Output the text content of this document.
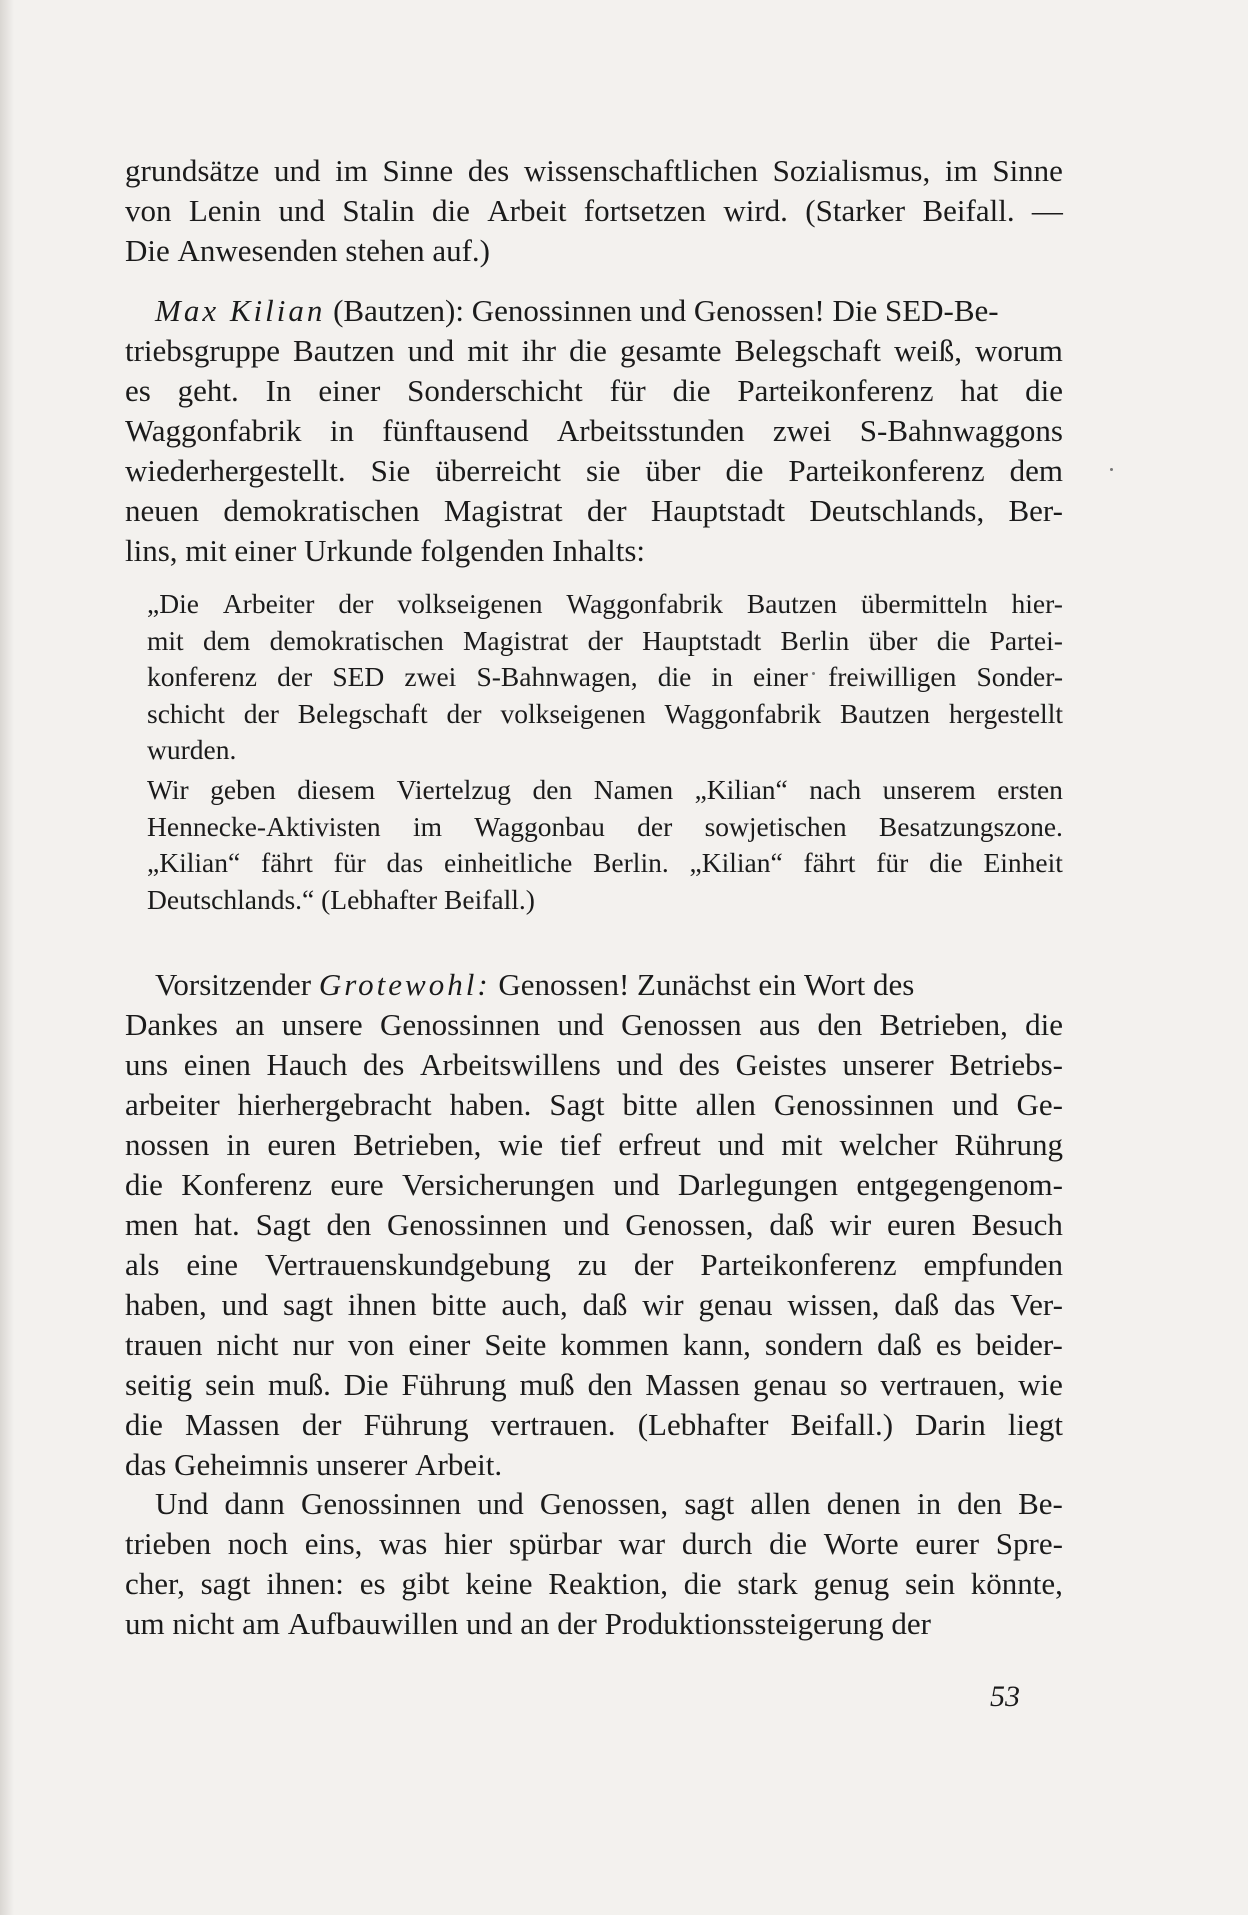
grundsätze und im Sinne des wissenschaftlichen Sozialismus, im Sinne
von Lenin und Stalin die Arbeit fortsetzen wird. (Starker Beifall. —
Die
Anwesenden
stehen
auf.)
Max Kilian
(Bautzen):
Genossinnen
und
Genossen!
Die
SED-Be-
triebsgruppe Bautzen und mit ihr die gesamte Belegschaft weiß, worum
es geht. In einer Sonderschicht für die Parteikonferenz hat die
Waggonfabrik in fünftausend Arbeitsstunden zwei S-Bahnwaggons
wiederhergestellt. Sie überreicht sie über die Parteikonferenz dem
neuen demokratischen Magistrat der Hauptstadt Deutschlands, Ber-
lins,
mit
einer
Urkunde
folgenden
Inhalts:
„Die Arbeiter der volkseigenen Waggonfabrik Bautzen übermitteln hier-
mit dem demokratischen Magistrat der Hauptstadt Berlin über die Partei-
konferenz der SED zwei S-Bahnwagen, die in einer freiwilligen Sonder-
schicht der Belegschaft der volkseigenen Waggonfabrik Bautzen hergestellt
wurden.
Wir geben diesem Viertelzug den Namen „Kilian“ nach unserem ersten
Hennecke-Aktivisten im Waggonbau der sowjetischen Besatzungszone.
„Kilian“ fährt für das einheitliche Berlin. „Kilian“ fährt für die Einheit
Deutschlands.“
(Lebhafter
Beifall.)
Vorsitzender
Grotewohl:
Genossen!
Zunächst
ein
Wort
des
Dankes an unsere Genossinnen und Genossen aus den Betrieben, die
uns einen Hauch des Arbeitswillens und des Geistes unserer Betriebs-
arbeiter hierhergebracht haben. Sagt bitte allen Genossinnen und Ge-
nossen in euren Betrieben, wie tief erfreut und mit welcher Rührung
die Konferenz eure Versicherungen und Darlegungen entgegengenom-
men hat. Sagt den Genossinnen und Genossen, daß wir euren Besuch
als eine Vertrauenskundgebung zu der Parteikonferenz empfunden
haben, und sagt ihnen bitte auch, daß wir genau wissen, daß das Ver-
trauen nicht nur von einer Seite kommen kann, sondern daß es beider-
seitig sein muß. Die Führung muß den Massen genau so vertrauen, wie
die Massen der Führung vertrauen. (Lebhafter Beifall.) Darin liegt
das
Geheimnis
unserer
Arbeit.
Und dann Genossinnen und Genossen, sagt allen denen in den Be-
trieben noch eins, was hier spürbar war durch die Worte eurer Spre-
cher, sagt ihnen: es gibt keine Reaktion, die stark genug sein könnte,
um
nicht
am
Aufbauwillen
und
an
der
Produktionssteigerung
der
53
